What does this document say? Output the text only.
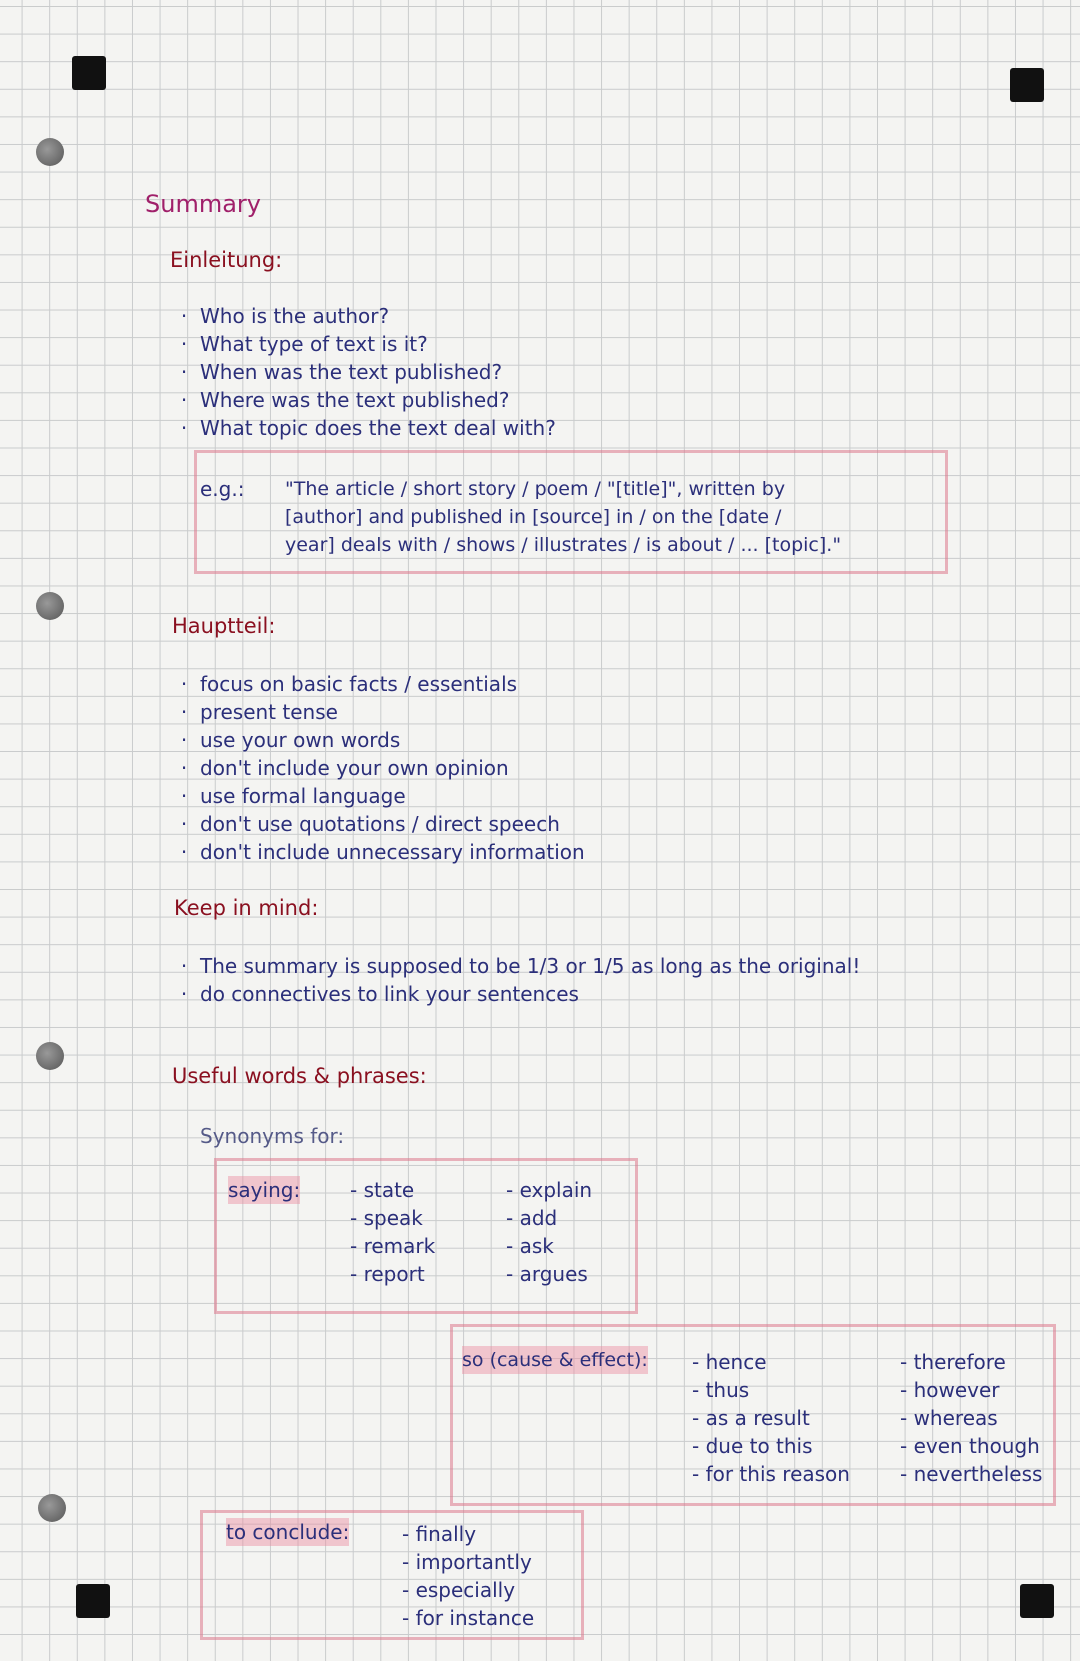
Summary
Einleitung:
· Who is the author?
· What type of text is it?
· When was the text published?
· Where was the text published?
· What topic does the text deal with?
e.g.: "The article / short story / poem / "[title]", written by
[author] and published in [source] in / on the [date /
year] deals with / shows / illustrates / is about / ... [topic]."
Hauptteil:
· focus on basic facts / essentials
· present tense
· use your own words
· don't include your own opinion
· use formal language
· don't use quotations / direct speech
· don't include unnecessary information
Keep in mind:
· The summary is supposed to be 1/3 or 1/5 as long as the original!
· do connectives to link your sentences
Useful words & phrases:
Synonyms for:
saying: - state
- speak
- remark
- report
- explain
- add
- ask
- argues
so (cause & effect): - hence
- thus
- as a result
- due to this
- for this reason
- therefore
- however
- whereas
- even though
- nevertheless
to conclude:	- finally
- importantly
- especially
- for instance
